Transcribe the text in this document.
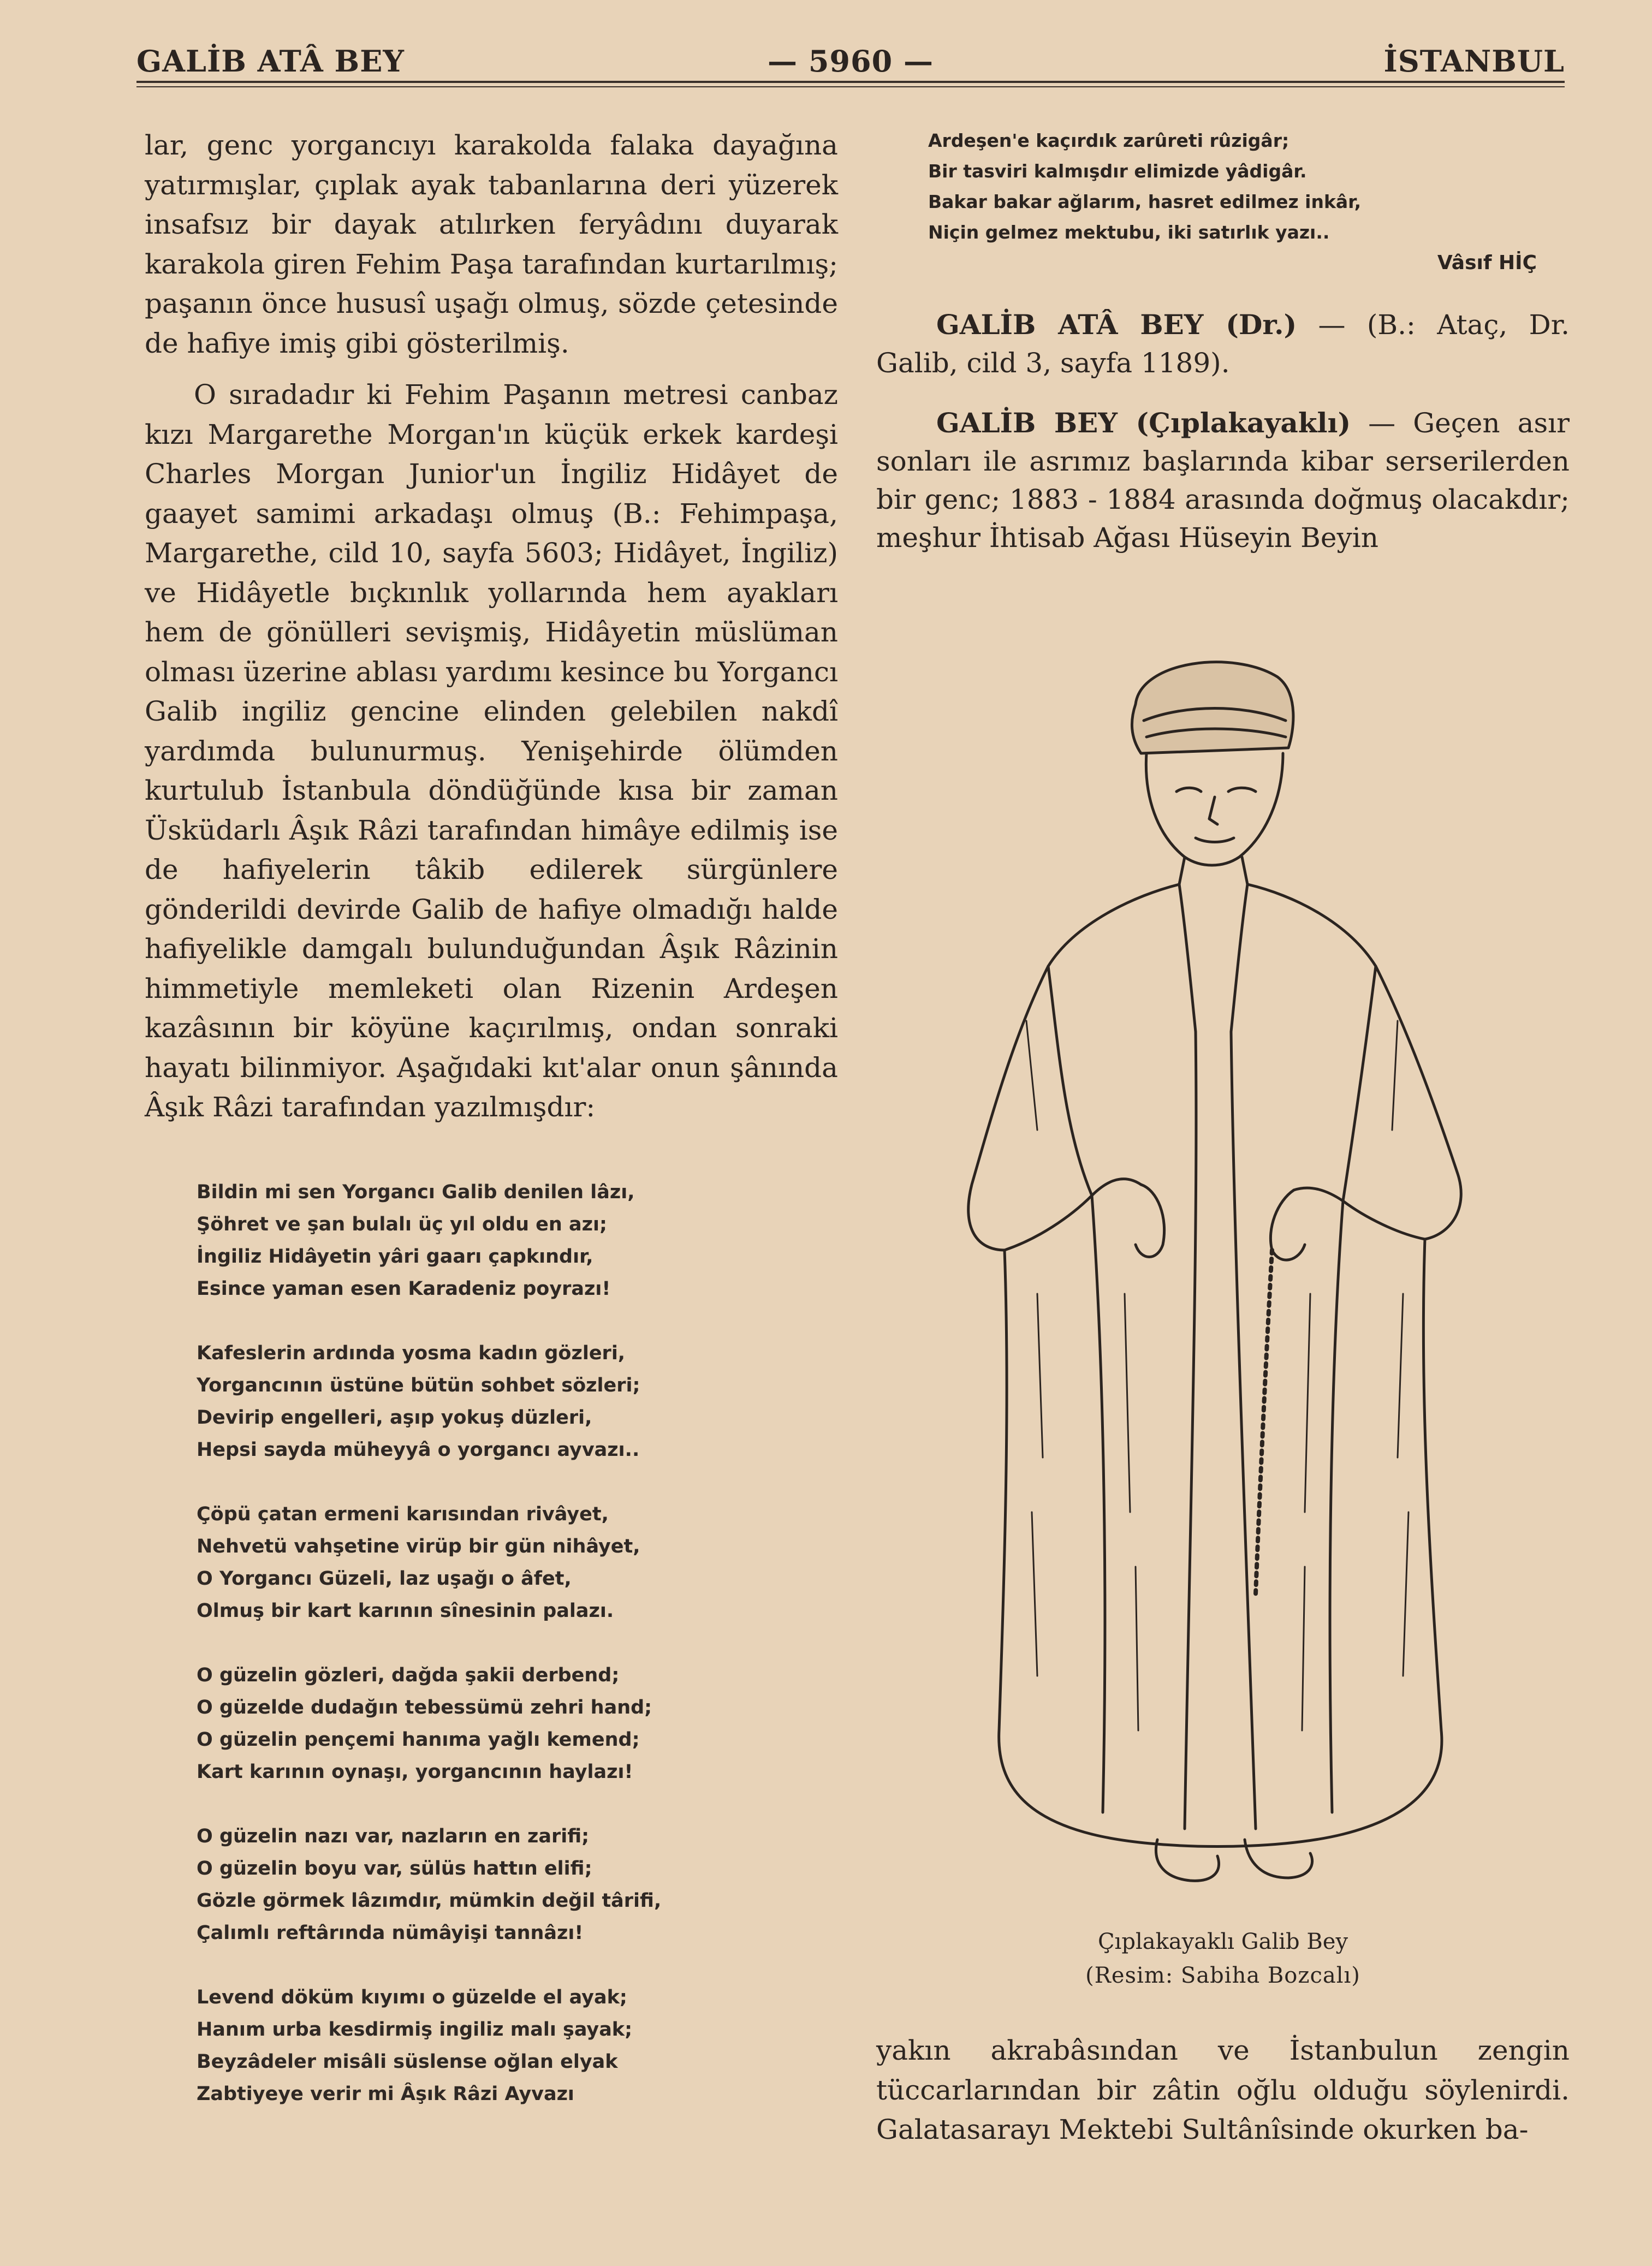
GALİB ATÂ BEY	— 5960 —	İSTANBUL

lar, genc yorgancıyı karakolda falaka dayağına yatırmışlar, çıplak ayak tabanlarına deri yüzerek insafsız bir dayak atılırken feryâdını duyarak karakola giren Fehim Paşa tarafından kurtarılmış; paşanın önce hususî uşağı olmuş, sözde çetesinde de hafiye imiş gibi gösterilmiş.

O sıradadır ki Fehim Paşanın metresi canbaz kızı Margarethe Morgan'ın küçük erkek kardeşi Charles Morgan Junior'un İngiliz Hidâyet de gaayet samimi arkadaşı olmuş (B.: Fehimpaşa, Margarethe, cild 10, sayfa 5603; Hidâyet, İngiliz) ve Hidâyetle bıçkınlık yollarında hem ayakları hem de gönülleri sevişmiş, Hidâyetin müslüman olması üzerine ablası yardımı kesince bu Yorgancı Galib ingiliz gencine elinden gelebilen nakdî yardımda bulunurmuş. Yenişehirde ölümden kurtulub İstanbula döndüğünde kısa bir zaman Üsküdarlı Âşık Râzi tarafından himâye edilmiş ise de hafiyelerin tâkib edilerek sürgünlere gönderildi devirde Galib de hafiye olmadığı halde hafiyelikle damgalı bulunduğundan Âşık Râzinin himmetiyle memleketi olan Rizenin Ardeşen kazâsının bir köyüne kaçırılmış, ondan sonraki hayatı bilinmiyor. Aşağıdaki kıt'alar onun şânında Âşık Râzi tarafından yazılmışdır:

Bildin mi sen Yorgancı Galib denilen lâzı,
Şöhret ve şan bulalı üç yıl oldu en azı;
İngiliz Hidâyetin yâri gaarı çapkındır,
Esince yaman esen Karadeniz poyrazı!
Kafeslerin ardında yosma kadın gözleri,
Yorgancının üstüne bütün sohbet sözleri;
Devirip engelleri, aşıp yokuş düzleri,
Hepsi sayda müheyyâ o yorgancı ayvazı..
Çöpü çatan ermeni karısından rivâyet,
Nehvetü vahşetine virüp bir gün nihâyet,
O Yorgancı Güzeli, laz uşağı o âfet,
Olmuş bir kart karının sînesinin palazı.
O güzelin gözleri, dağda şakii derbend;
O güzelde dudağın tebessümü zehri hand;
O güzelin pençemi hanıma yağlı kemend;
Kart karının oynaşı, yorgancının haylazı!
O güzelin nazı var, nazların en zarifi;
O güzelin boyu var, sülüs hattın elifi;
Gözle görmek lâzımdır, mümkin değil târifi,
Çalımlı reftârında nümâyişi tannâzı!
Levend döküm kıyımı o güzelde el ayak;
Hanım urba kesdirmiş ingiliz malı şayak;
Beyzâdeler misâli süslense oğlan elyak
Zabtiyeye verir mi Âşık Râzi Ayvazı
Ardeşen'e kaçırdık zarûreti rûzigâr;
Bir tasviri kalmışdır elimizde yâdigâr.
Bakar bakar ağlarım, hasret edilmez inkâr,
Niçin gelmez mektubu, iki satırlık yazı..
Vâsıf HİÇ

GALİB ATÂ BEY (Dr.) — (B.: Ataç, Dr. Galib, cild 3, sayfa 1189).

GALİB BEY (Çıplakayaklı) — Geçen asır sonları ile asrımız başlarında kibar serserilerden bir genc; 1883 - 1884 arasında doğmuş olacakdır; meşhur İhtisab Ağası Hüseyin Beyin

Çıplakayaklı Galib Bey
(Resim: Sabiha Bozcalı)

yakın akrabâsından ve İstanbulun zengin tüccarlarından bir zâtin oğlu olduğu söylenirdi. Galatasarayı Mektebi Sultânîsinde okurken ba-
